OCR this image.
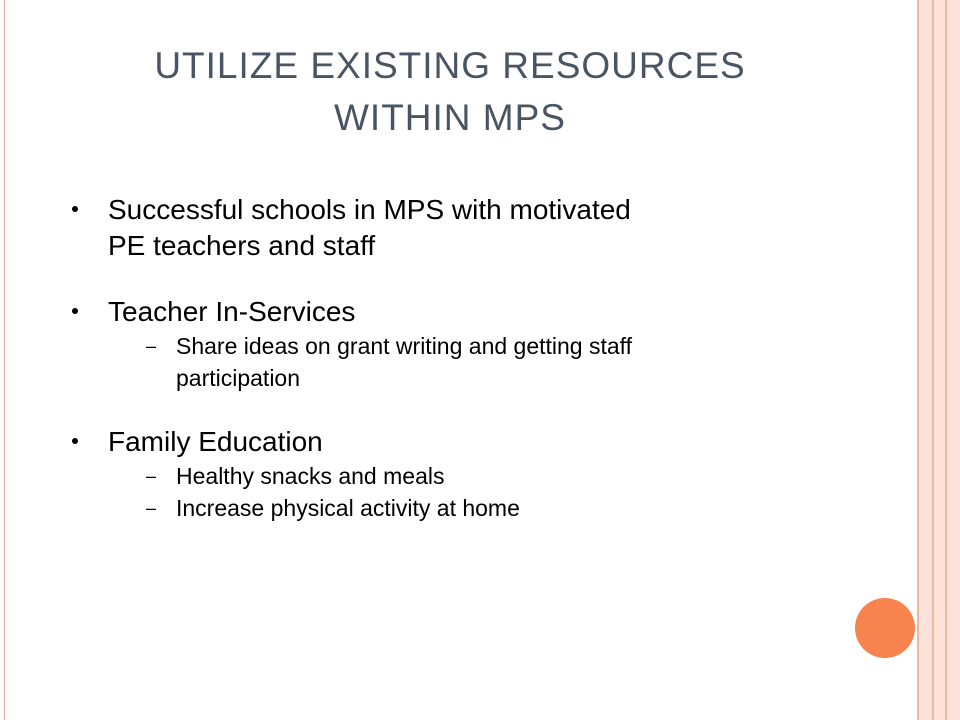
UTILIZE EXISTING RESOURCES
WITHIN MPS
Successful schools in MPS with motivated
PE teachers and staff
Teacher In-Services
– Share ideas on grant writing and getting staff
participation
Family Education
– Healthy snacks and meals
– Increase physical activity at home
